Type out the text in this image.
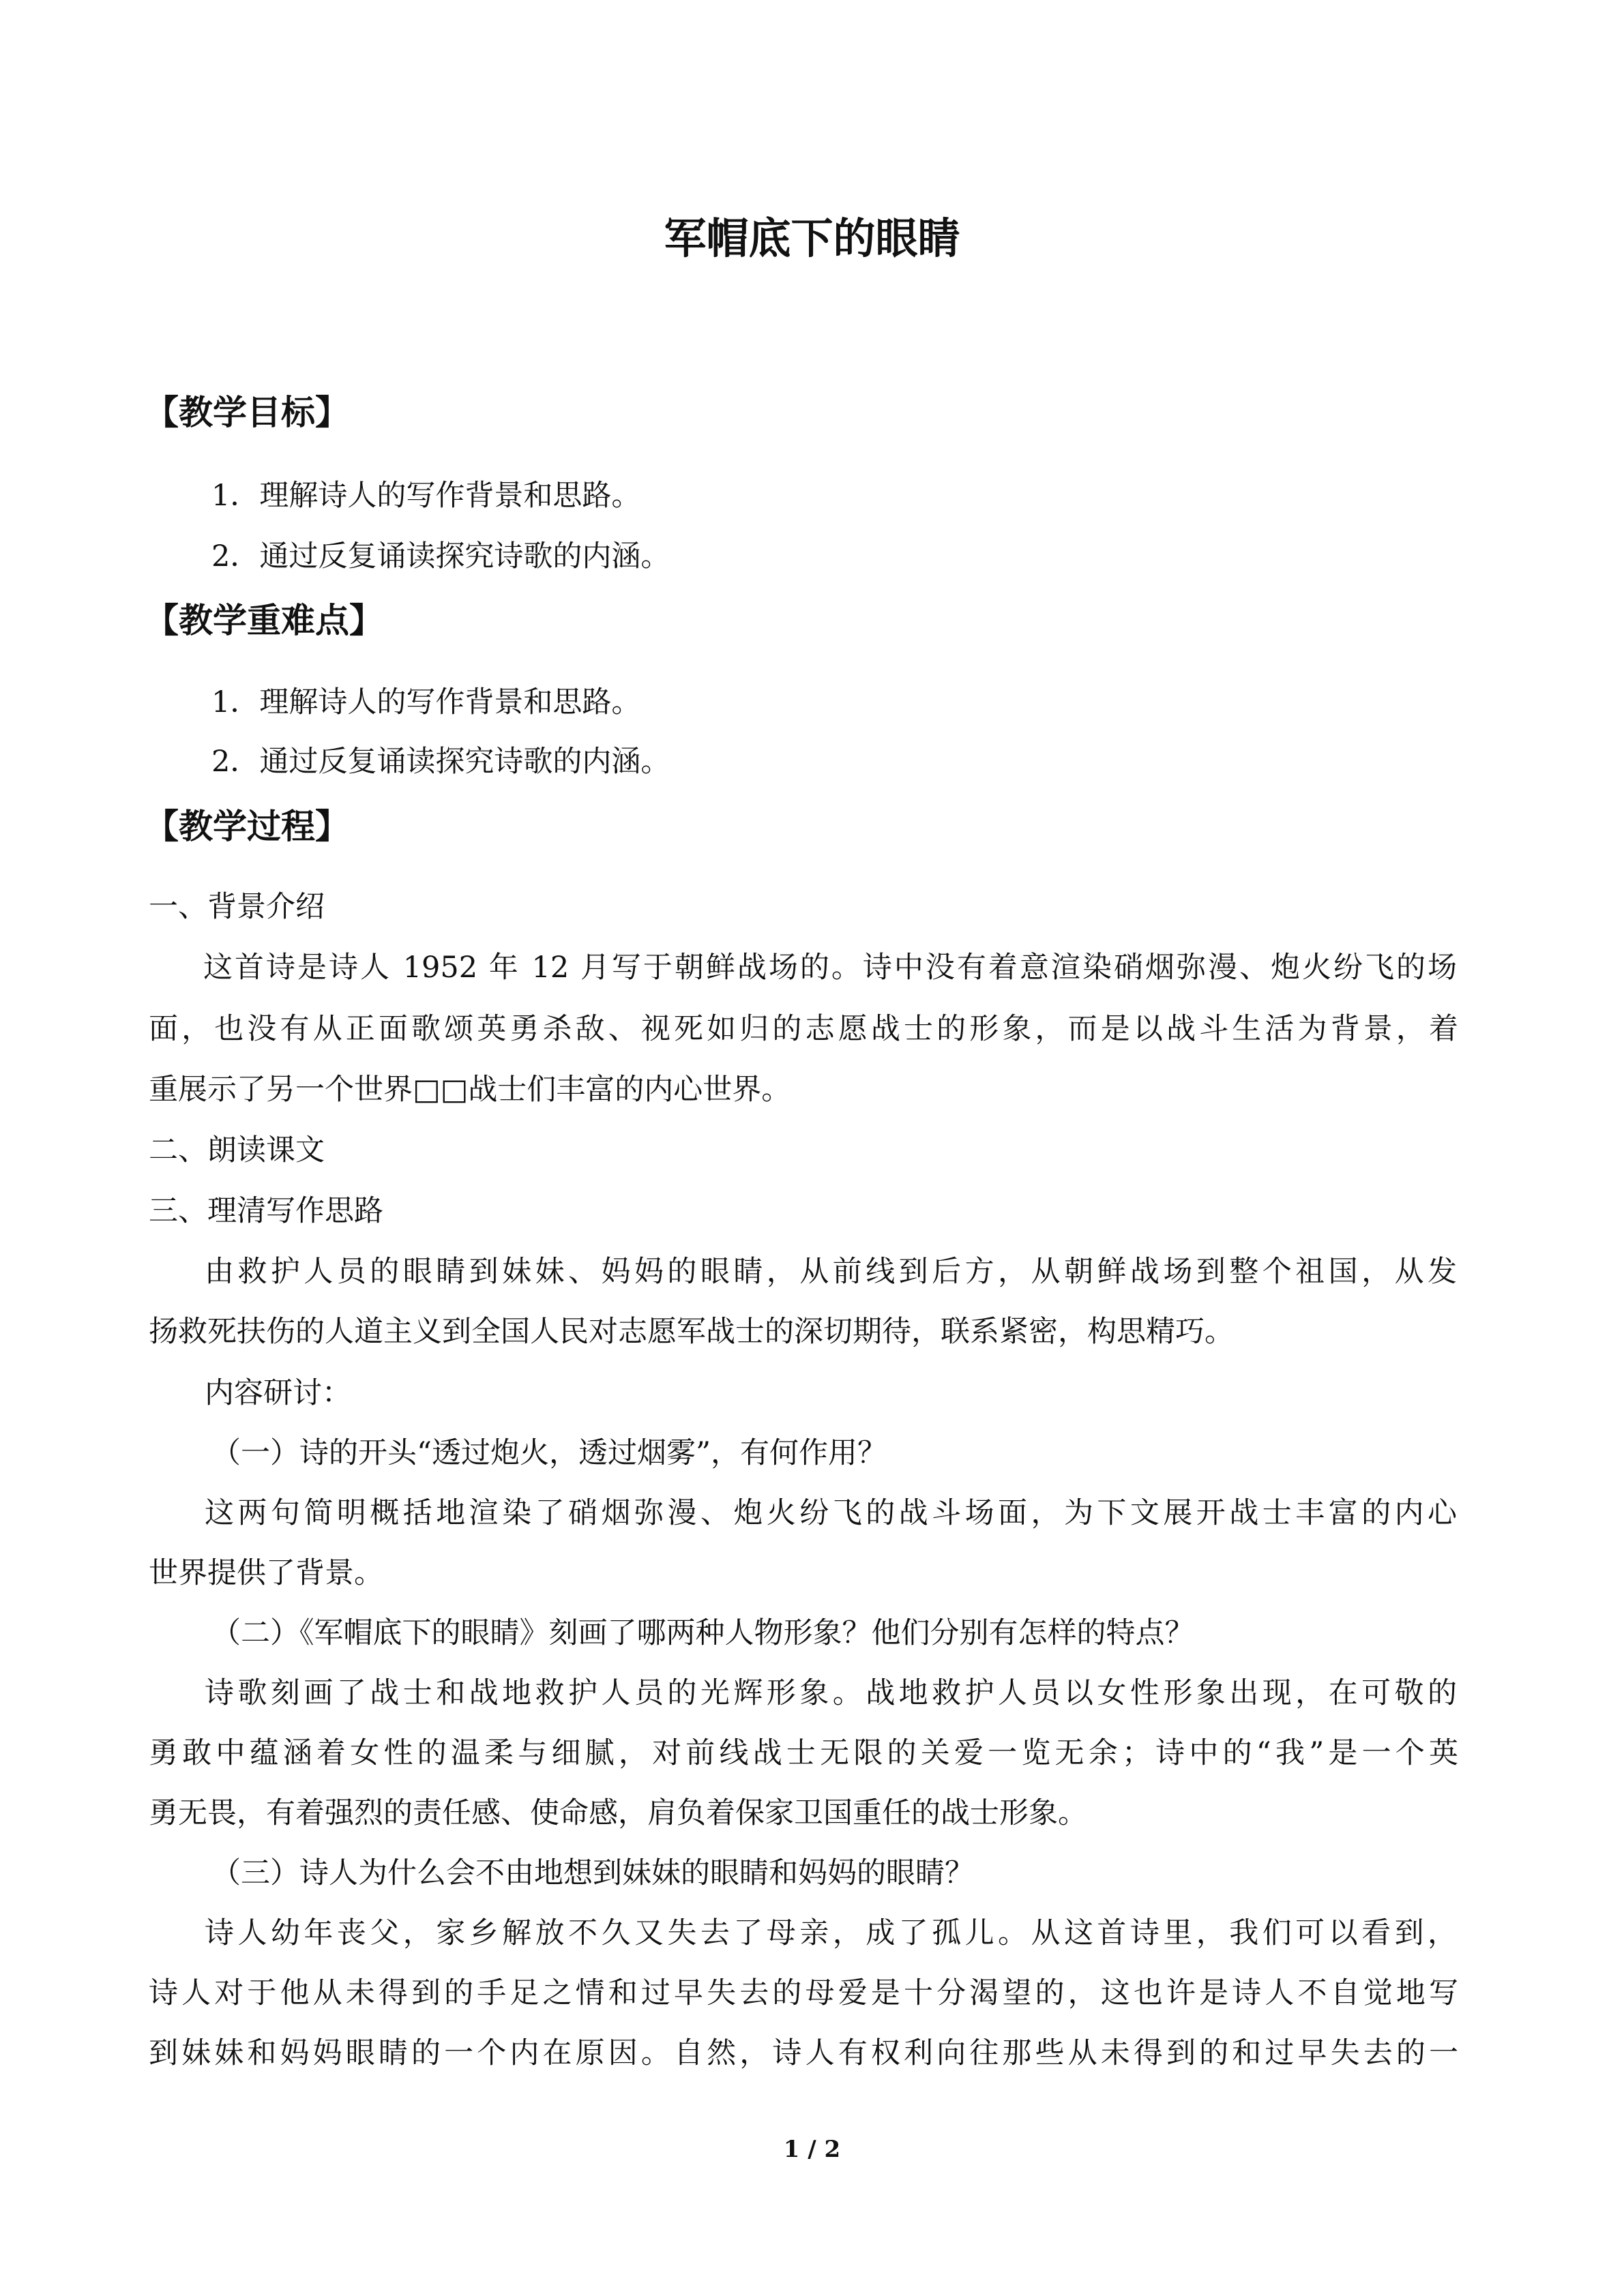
军帽底下的眼睛
【教学目标】
1．理解诗人的写作背景和思路。
2．通过反复诵读探究诗歌的内涵。
【教学重难点】
1．理解诗人的写作背景和思路。
2．通过反复诵读探究诗歌的内涵。
【教学过程】
一、背景介绍
这首诗是诗人 1952 年 12 月写于朝鲜战场的。诗中没有着意渲染硝烟弥漫、炮火纷飞的场
面，也没有从正面歌颂英勇杀敌、视死如归的志愿战士的形象，而是以战斗生活为背景，着
重展示了另一个世界□□战士们丰富的内心世界。
二、朗读课文
三、理清写作思路
由救护人员的眼睛到妹妹、妈妈的眼睛，从前线到后方，从朝鲜战场到整个祖国，从发
扬救死扶伤的人道主义到全国人民对志愿军战士的深切期待，联系紧密，构思精巧。
内容研讨：
（一）诗的开头“透过炮火，透过烟雾”，有何作用？
这两句简明概括地渲染了硝烟弥漫、炮火纷飞的战斗场面，为下文展开战士丰富的内心
世界提供了背景。
（二）《军帽底下的眼睛》刻画了哪两种人物形象？他们分别有怎样的特点？
诗歌刻画了战士和战地救护人员的光辉形象。战地救护人员以女性形象出现，在可敬的
勇敢中蕴涵着女性的温柔与细腻，对前线战士无限的关爱一览无余；诗中的“我”是一个英
勇无畏，有着强烈的责任感、使命感，肩负着保家卫国重任的战士形象。
（三）诗人为什么会不由地想到妹妹的眼睛和妈妈的眼睛？
诗人幼年丧父，家乡解放不久又失去了母亲，成了孤儿。从这首诗里，我们可以看到，
诗人对于他从未得到的手足之情和过早失去的母爱是十分渴望的，这也许是诗人不自觉地写
到妹妹和妈妈眼睛的一个内在原因。自然，诗人有权利向往那些从未得到的和过早失去的一
1 / 2
